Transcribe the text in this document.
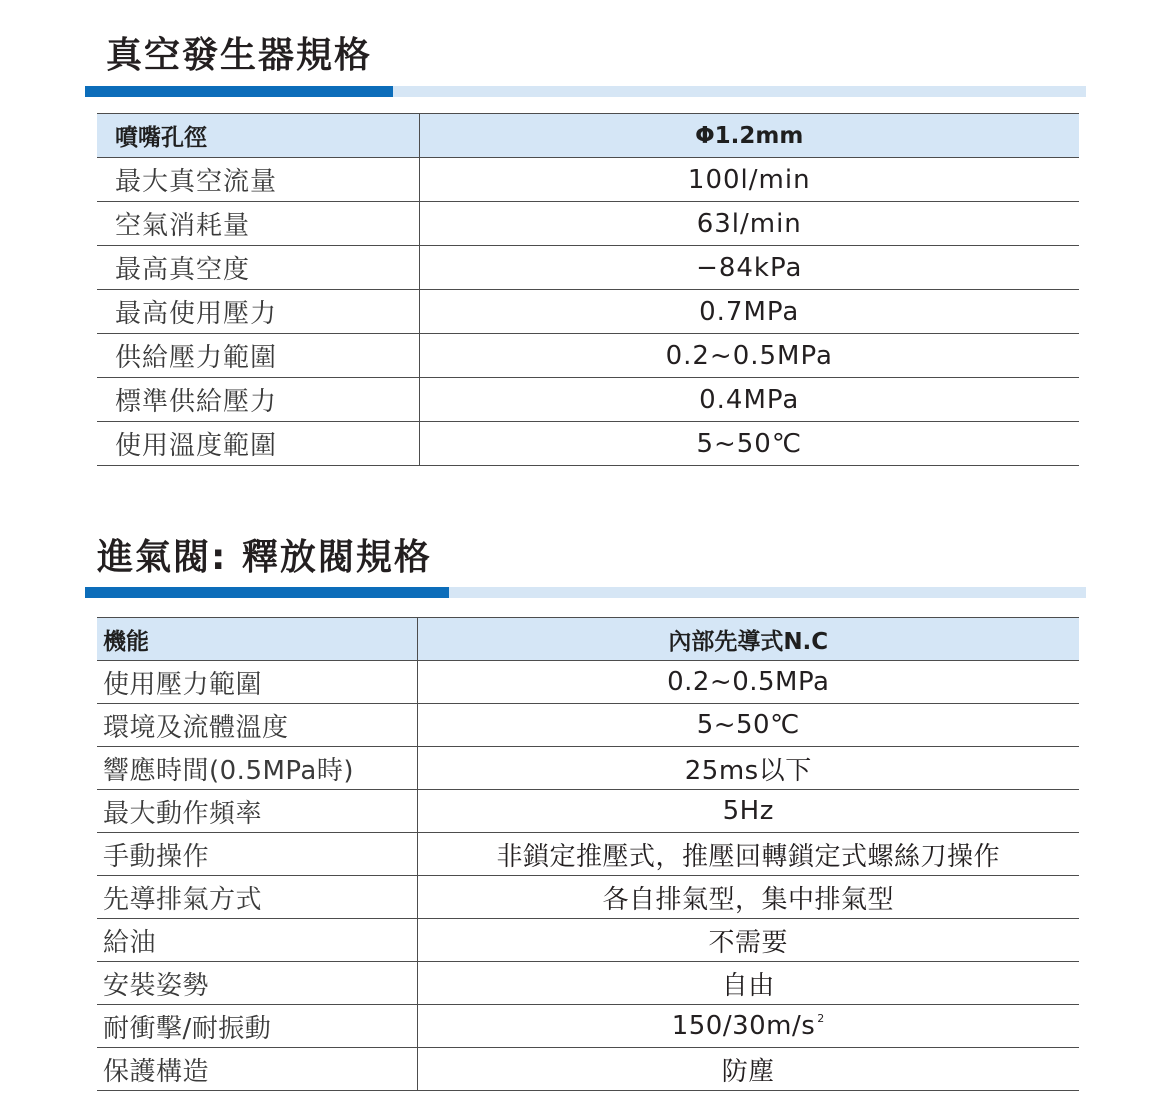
真空發生器規格
噴嘴孔徑	Φ1.2mm
最大真空流量	100l/min
空氣消耗量	63l/min
最高真空度	−84kPa
最高使用壓力	0.7MPa
供給壓力範圍	0.2~0.5MPa
標準供給壓力	0.4MPa
使用溫度範圍	5~50℃
進氣閥: 釋放閥規格
機能	內部先導式N.C
使用壓力範圍	0.2~0.5MPa
環境及流體溫度	5~50℃
響應時間(0.5MPa時)	25ms以下
最大動作頻率	5Hz
手動操作	非鎖定推壓式，推壓回轉鎖定式螺絲刀操作
先導排氣方式	各自排氣型，集中排氣型
給油	不需要
安裝姿勢	自由
耐衝擊/耐振動	150/30m/s $^2$
保護構造	防塵
